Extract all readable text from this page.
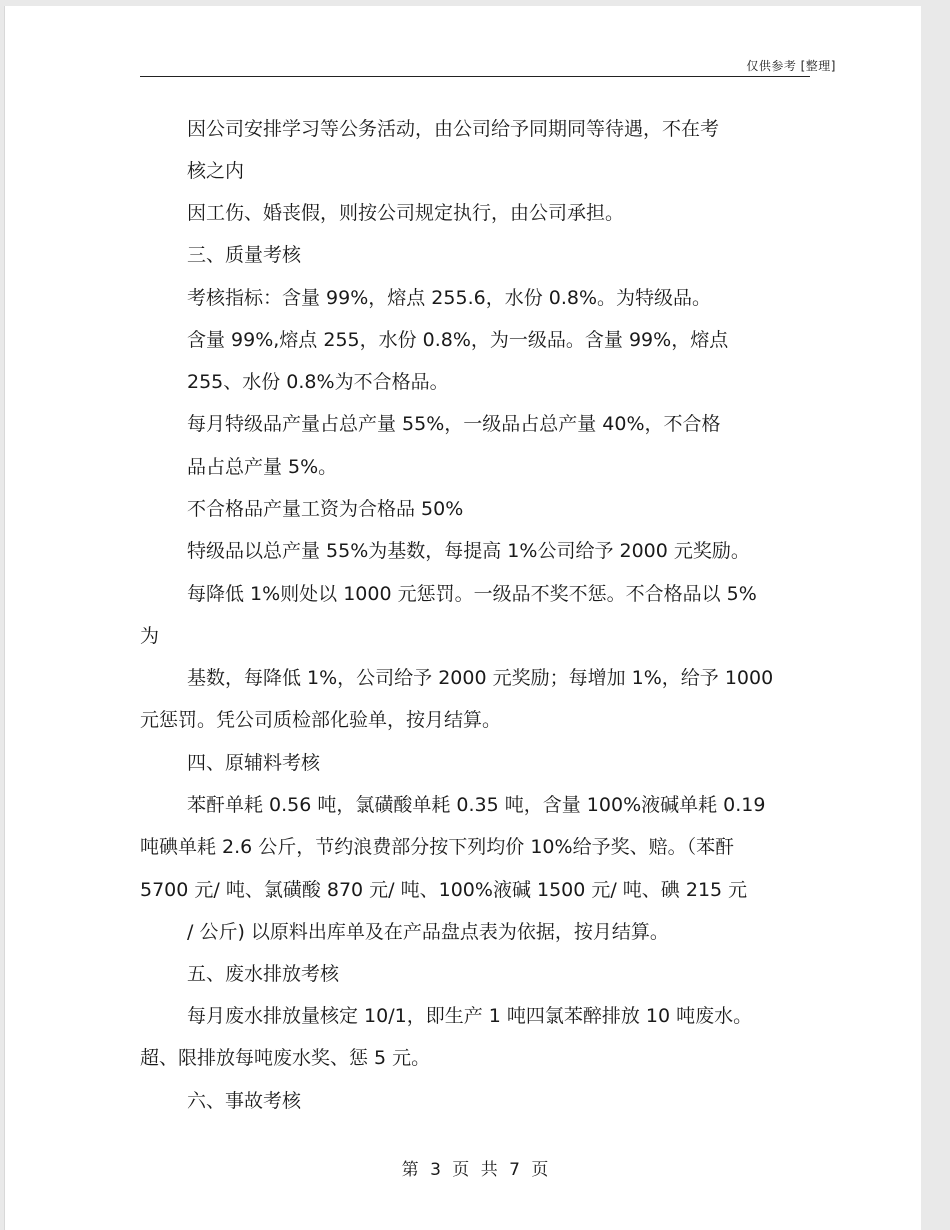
仅供参考 [整理]
因公司安排学习等公务活动，由公司给予同期同等待遇，不在考
核之内
因工伤、婚丧假，则按公司规定执行，由公司承担。
三、质量考核
考核指标：含量 99%，熔点 255.6，水份 0.8%。为特级品。
含量 99%,熔点 255，水份 0.8%，为一级品。含量 99%，熔点
255、水份 0.8%为不合格品。
每月特级品产量占总产量 55%，一级品占总产量 40%，不合格
品占总产量 5%。
不合格品产量工资为合格品 50%
特级品以总产量 55%为基数，每提高 1%公司给予 2000 元奖励。
每降低 1%则处以 1000 元惩罚。一级品不奖不惩。不合格品以 5%
为
基数，每降低 1%，公司给予 2000 元奖励；每增加 1%，给予 1000
元惩罚。凭公司质检部化验单，按月结算。
四、原辅料考核
苯酐单耗 0.56 吨，氯磺酸单耗 0.35 吨，含量 100%液碱单耗 0.19
吨碘单耗 2.6 公斤，节约浪费部分按下列均价 10%给予奖、赔。（苯酐
5700 元/ 吨、氯磺酸 870 元/ 吨、100%液碱 1500 元/ 吨、碘 215 元
/ 公斤) 以原料出库单及在产品盘点表为依据，按月结算。
五、废水排放考核
每月废水排放量核定 10/1，即生产 1 吨四氯苯醉排放 10 吨废水。
超、限排放每吨废水奖、惩 5 元。
六、事故考核
第 3 页 共 7 页
